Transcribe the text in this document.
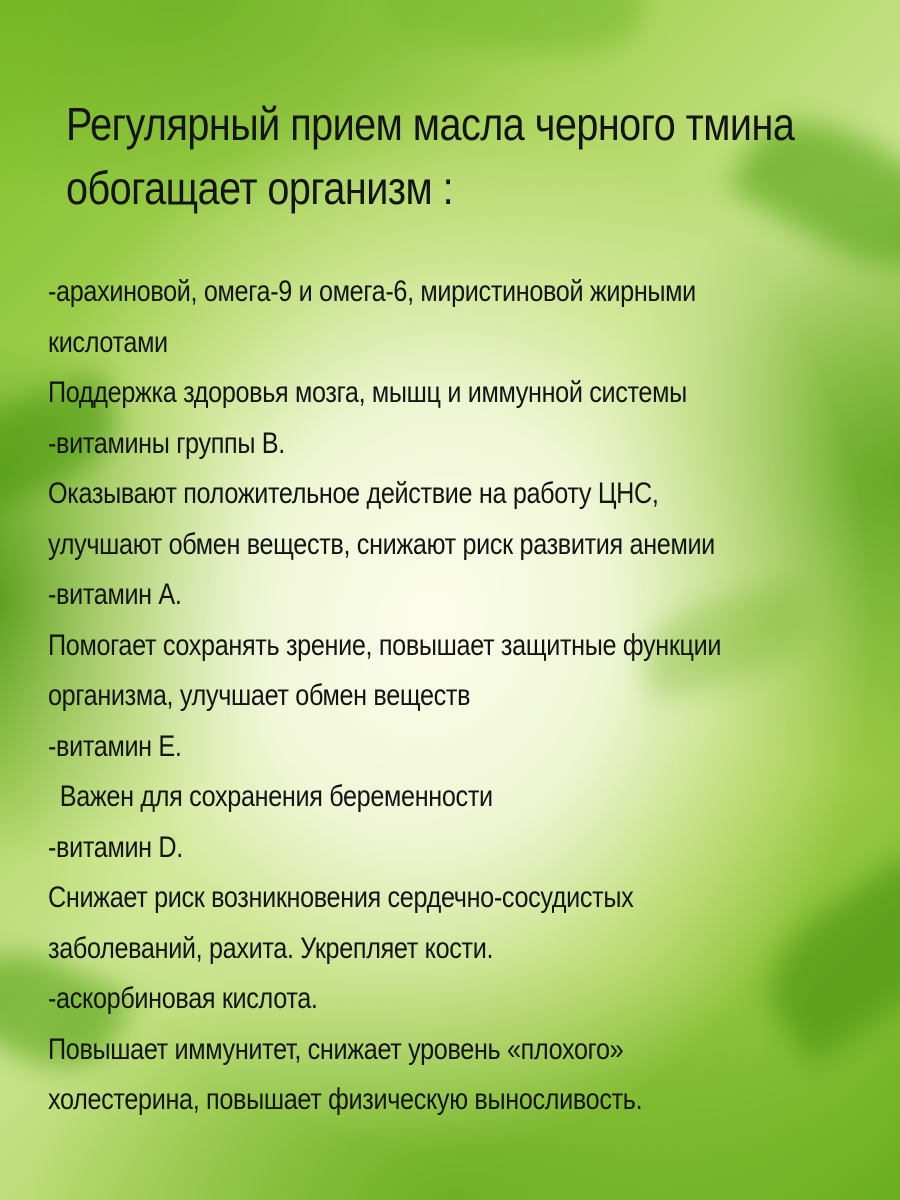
Регулярный прием масла черного тмина
обогащает организм :
-арахиновой, омега-9 и омега-6, миристиновой жирными
кислотами
Поддержка здоровья мозга, мышц и иммунной системы
-витамины группы В.
Оказывают положительное действие на работу ЦНС,
улучшают обмен веществ, снижают риск развития анемии
-витамин А.
Помогает сохранять зрение, повышает защитные функции
организма, улучшает обмен веществ
-витамин Е.
Важен для сохранения беременности
-витамин D.
Снижает риск возникновения сердечно-сосудистых
заболеваний, рахита. Укрепляет кости.
-аскорбиновая кислота.
Повышает иммунитет, снижает уровень «плохого»
холестерина, повышает физическую выносливость.
